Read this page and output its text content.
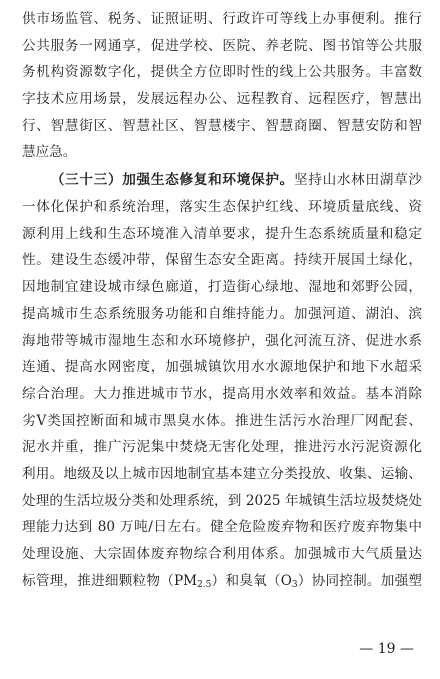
供市场监管、税务、证照证明、行政许可等线上办事便利。推行
公共服务一网通享，促进学校、医院、养老院、图书馆等公共服
务机构资源数字化，提供全方位即时性的线上公共服务。丰富数
字技术应用场景，发展远程办公、远程教育、远程医疗，智慧出
行、智慧街区、智慧社区、智慧楼宇、智慧商圈、智慧安防和智
慧应急。
（三十三）加强生态修复和环境保护。坚持山水林田湖草沙
一体化保护和系统治理，落实生态保护红线、环境质量底线、资
源利用上线和生态环境准入清单要求，提升生态系统质量和稳定
性。建设生态缓冲带，保留生态安全距离。持续开展国土绿化，
因地制宜建设城市绿色廊道，打造街心绿地、湿地和郊野公园，
提高城市生态系统服务功能和自维持能力。加强河道、湖泊、滨
海地带等城市湿地生态和水环境修护，强化河流互济、促进水系
连通、提高水网密度，加强城镇饮用水水源地保护和地下水超采
综合治理。大力推进城市节水，提高用水效率和效益。基本消除
劣Ⅴ类国控断面和城市黑臭水体。推进生活污水治理厂网配套、
泥水并重，推广污泥集中焚烧无害化处理，推进污水污泥资源化
利用。地级及以上城市因地制宜基本建立分类投放、收集、运输、
处理的生活垃圾分类和处理系统，到 2025 年城镇生活垃圾焚烧处
理能力达到 80 万吨/日左右。健全危险废弃物和医疗废弃物集中
处理设施、大宗固体废弃物综合利用体系。加强城市大气质量达
标管理，推进细颗粒物$(PM_{2.5})$和臭氧$(O_3)$协同控制。加强塑
— 19 —
